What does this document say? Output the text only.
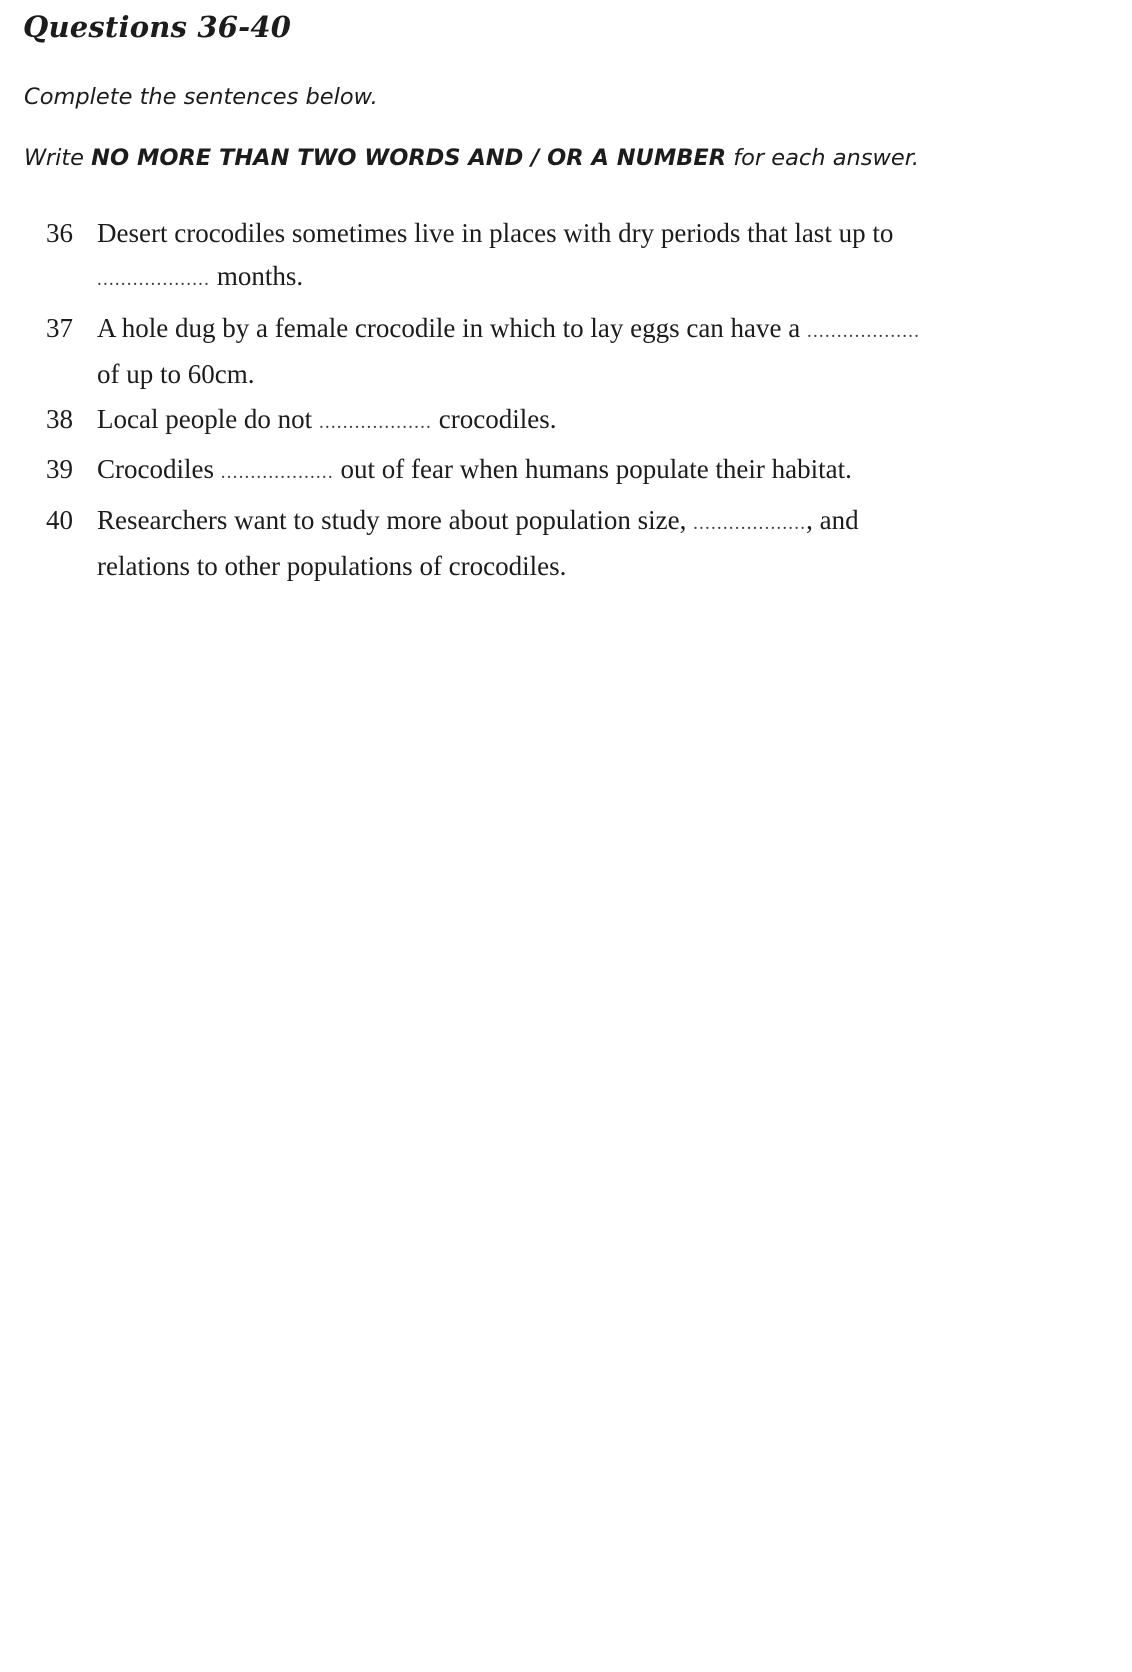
Questions 36-40
Complete the sentences below.
Write NO MORE THAN TWO WORDS AND / OR A NUMBER for each answer.
36 Desert crocodiles sometimes live in places with dry periods that last up to
................... months.
37 A hole dug by a female crocodile in which to lay eggs can have a ...................
of up to 60cm.
38 Local people do not ................... crocodiles.
39 Crocodiles ................... out of fear when humans populate their habitat.
40 Researchers want to study more about population size, ..................., and
relations to other populations of crocodiles.
